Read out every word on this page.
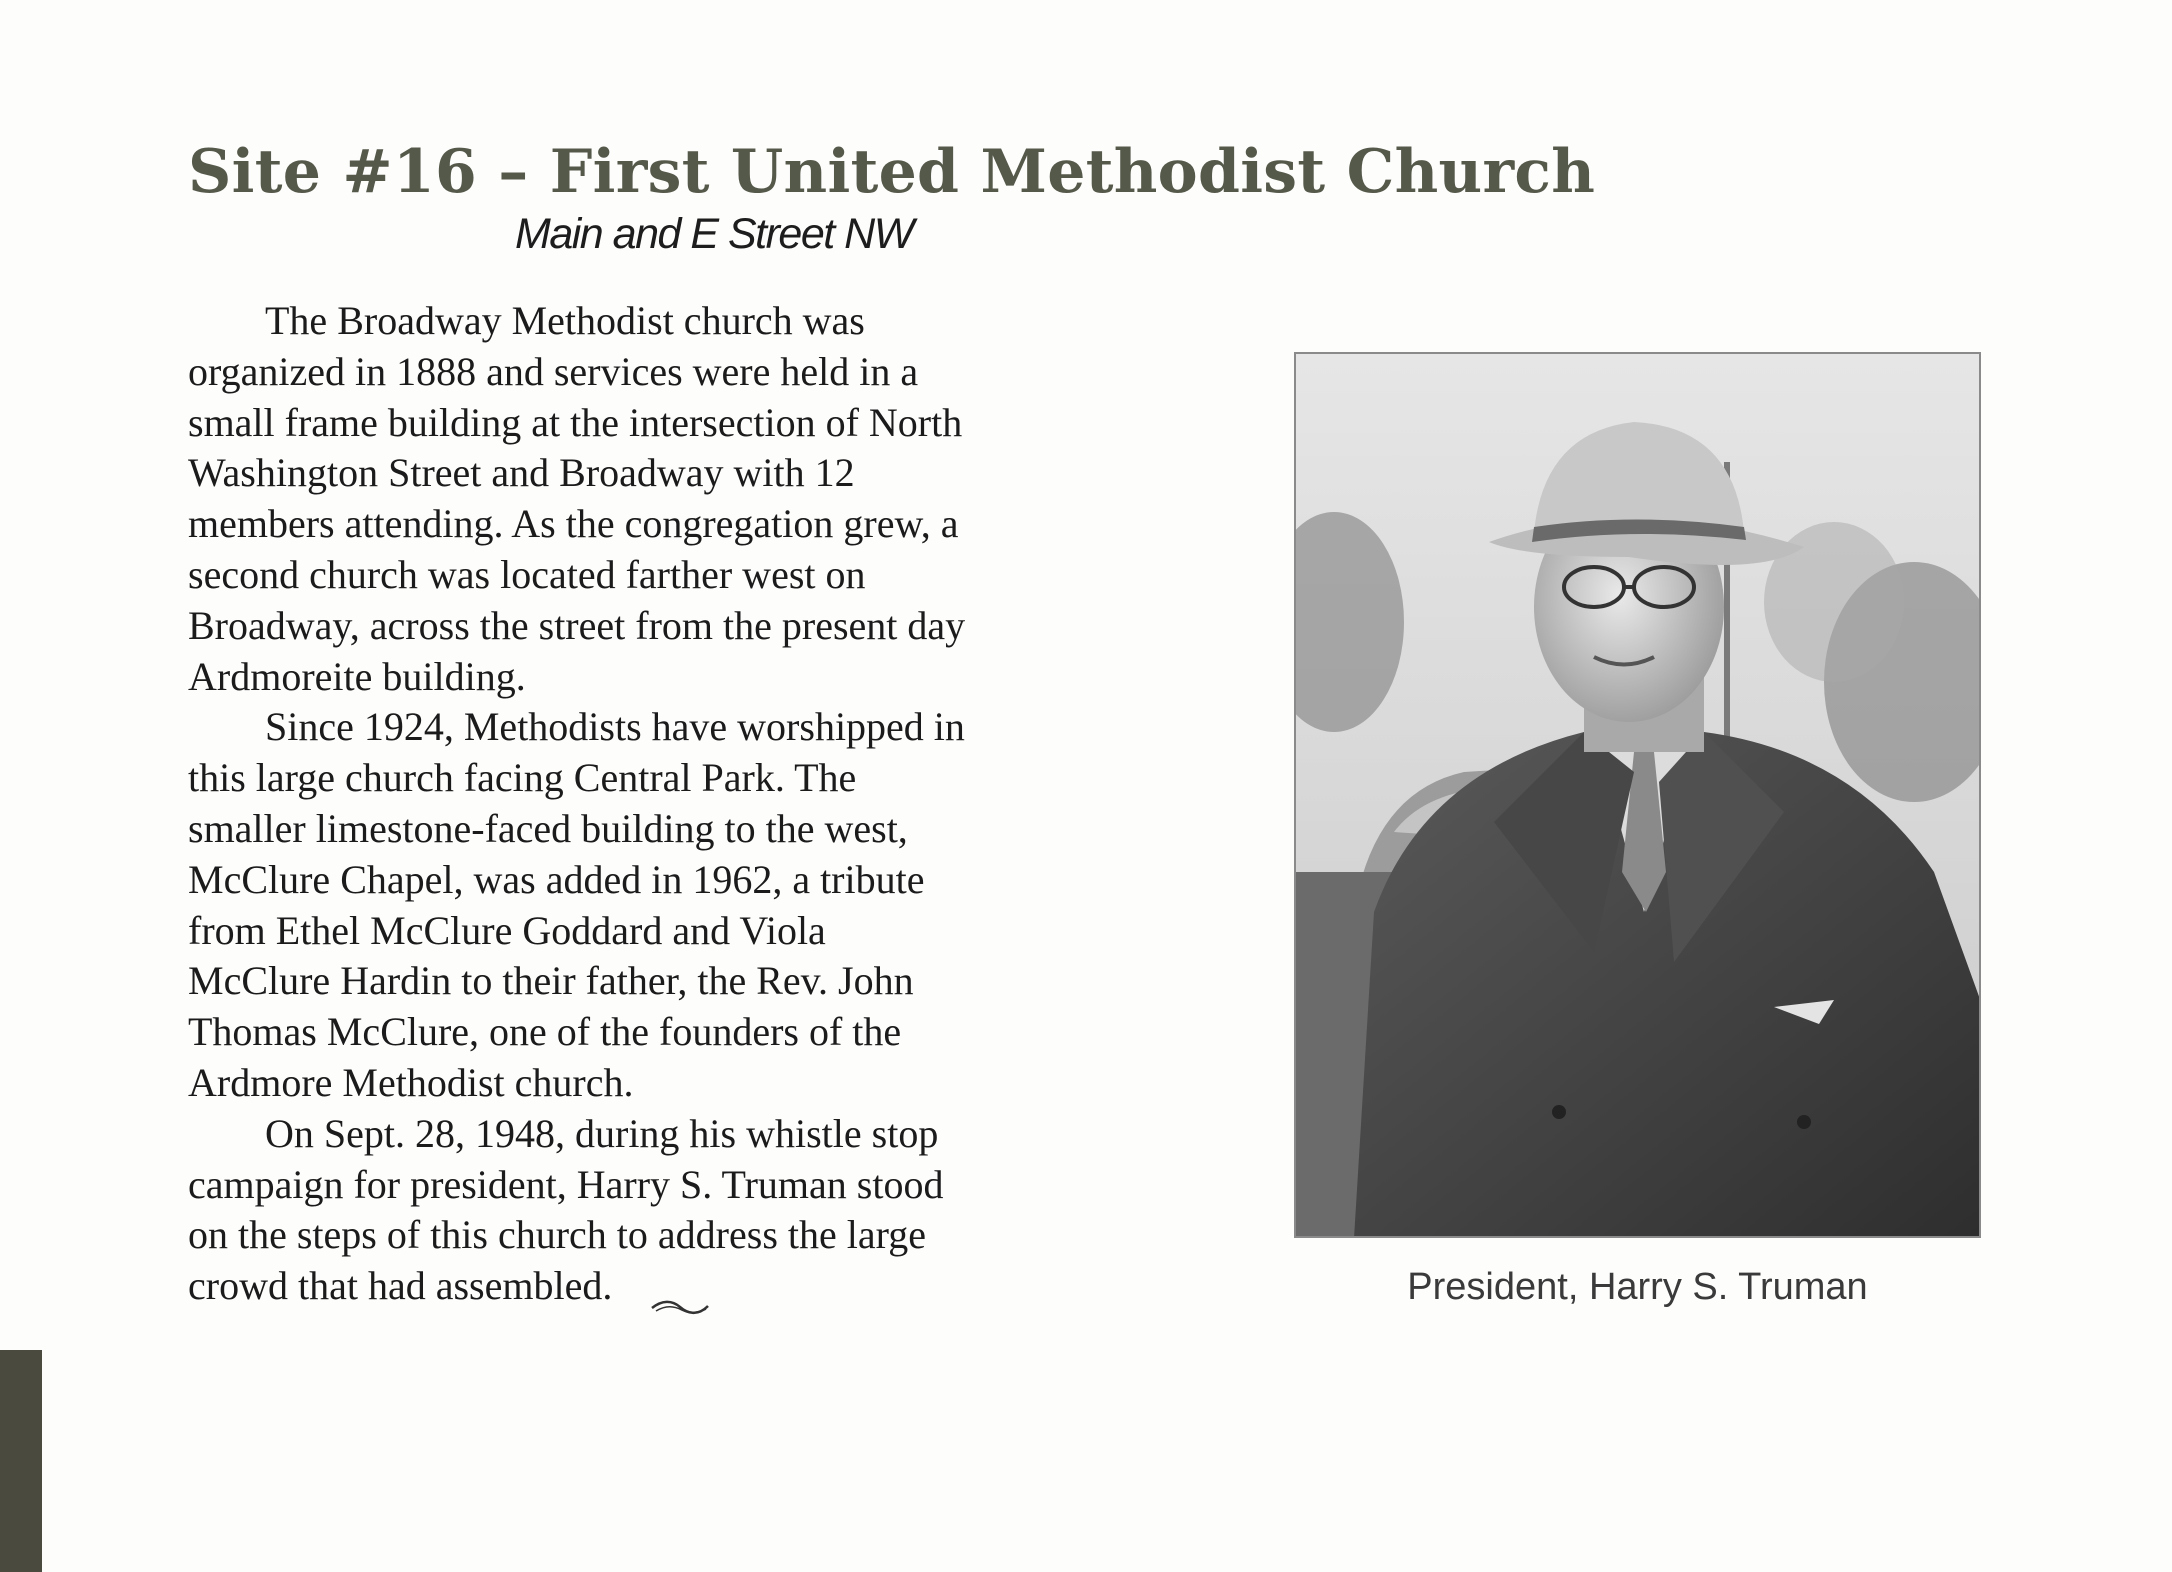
Site #16 – First United Methodist Church
Main and E Street NW

The Broadway Methodist church was
organized in 1888 and services were held in a
small frame building at the intersection of North
Washington Street and Broadway with 12
members attending. As the congregation grew, a
second church was located farther west on
Broadway, across the street from the present day
Ardmoreite building.

Since 1924, Methodists have worshipped in
this large church facing Central Park. The
smaller limestone-faced building to the west,
McClure Chapel, was added in 1962, a tribute
from Ethel McClure Goddard and Viola
McClure Hardin to their father, the Rev. John
Thomas McClure, one of the founders of the
Ardmore Methodist church.

On Sept. 28, 1948, during his whistle stop
campaign for president, Harry S. Truman stood
on the steps of this church to address the large
crowd that had assembled.	President, Harry S. Truman
